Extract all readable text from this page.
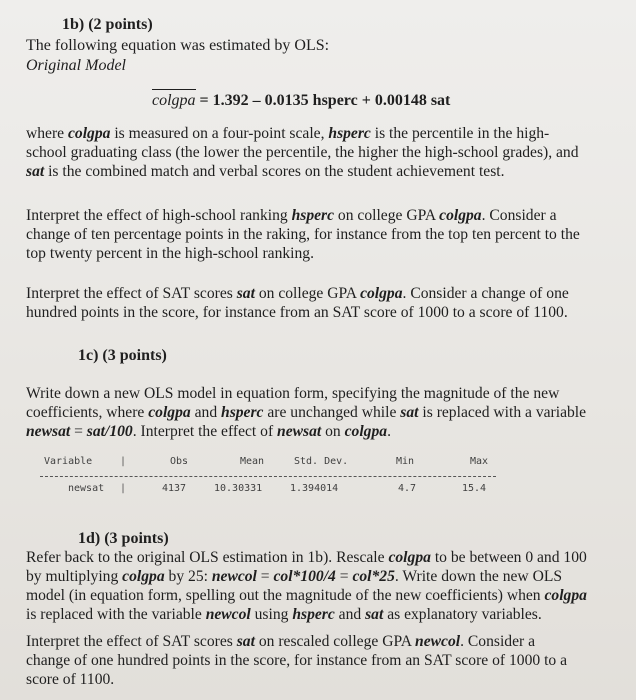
1b) (2 points)
The following equation was estimated by OLS:
Original Model
colgpa = 1.392 – 0.0135 hsperc + 0.00148 sat
where colgpa is measured on a four-point scale, hsperc is the percentile in the high-
school graduating class (the lower the percentile, the higher the high-school grades), and
sat is the combined match and verbal scores on the student achievement test.
Interpret the effect of high-school ranking hsperc on college GPA colgpa. Consider a
change of ten percentage points in the raking, for instance from the top ten percent to the
top twenty percent in the high-school ranking.
Interpret the effect of SAT scores sat on college GPA colgpa. Consider a change of one
hundred points in the score, for instance from an SAT score of 1000 to a score of 1100.
1c) (3 points)
Write down a new OLS model in equation form, specifying the magnitude of the new
coefficients, where colgpa and hsperc are unchanged while sat is replaced with a variable
newsat = sat/100. Interpret the effect of newsat on colgpa.
Variable	|	Obs	Mean	Std. Dev.	Min	Max
newsat |	4137	10.30331	1.394014	4.7	15.4
1d) (3 points)
Refer back to the original OLS estimation in 1b). Rescale colgpa to be between 0 and 100
by multiplying colgpa by 25: newcol = col*100/4 = col*25. Write down the new OLS
model (in equation form, spelling out the magnitude of the new coefficients) when colgpa
is replaced with the variable newcol using hsperc and sat as explanatory variables.
Interpret the effect of SAT scores sat on rescaled college GPA newcol. Consider a
change of one hundred points in the score, for instance from an SAT score of 1000 to a
score of 1100.
